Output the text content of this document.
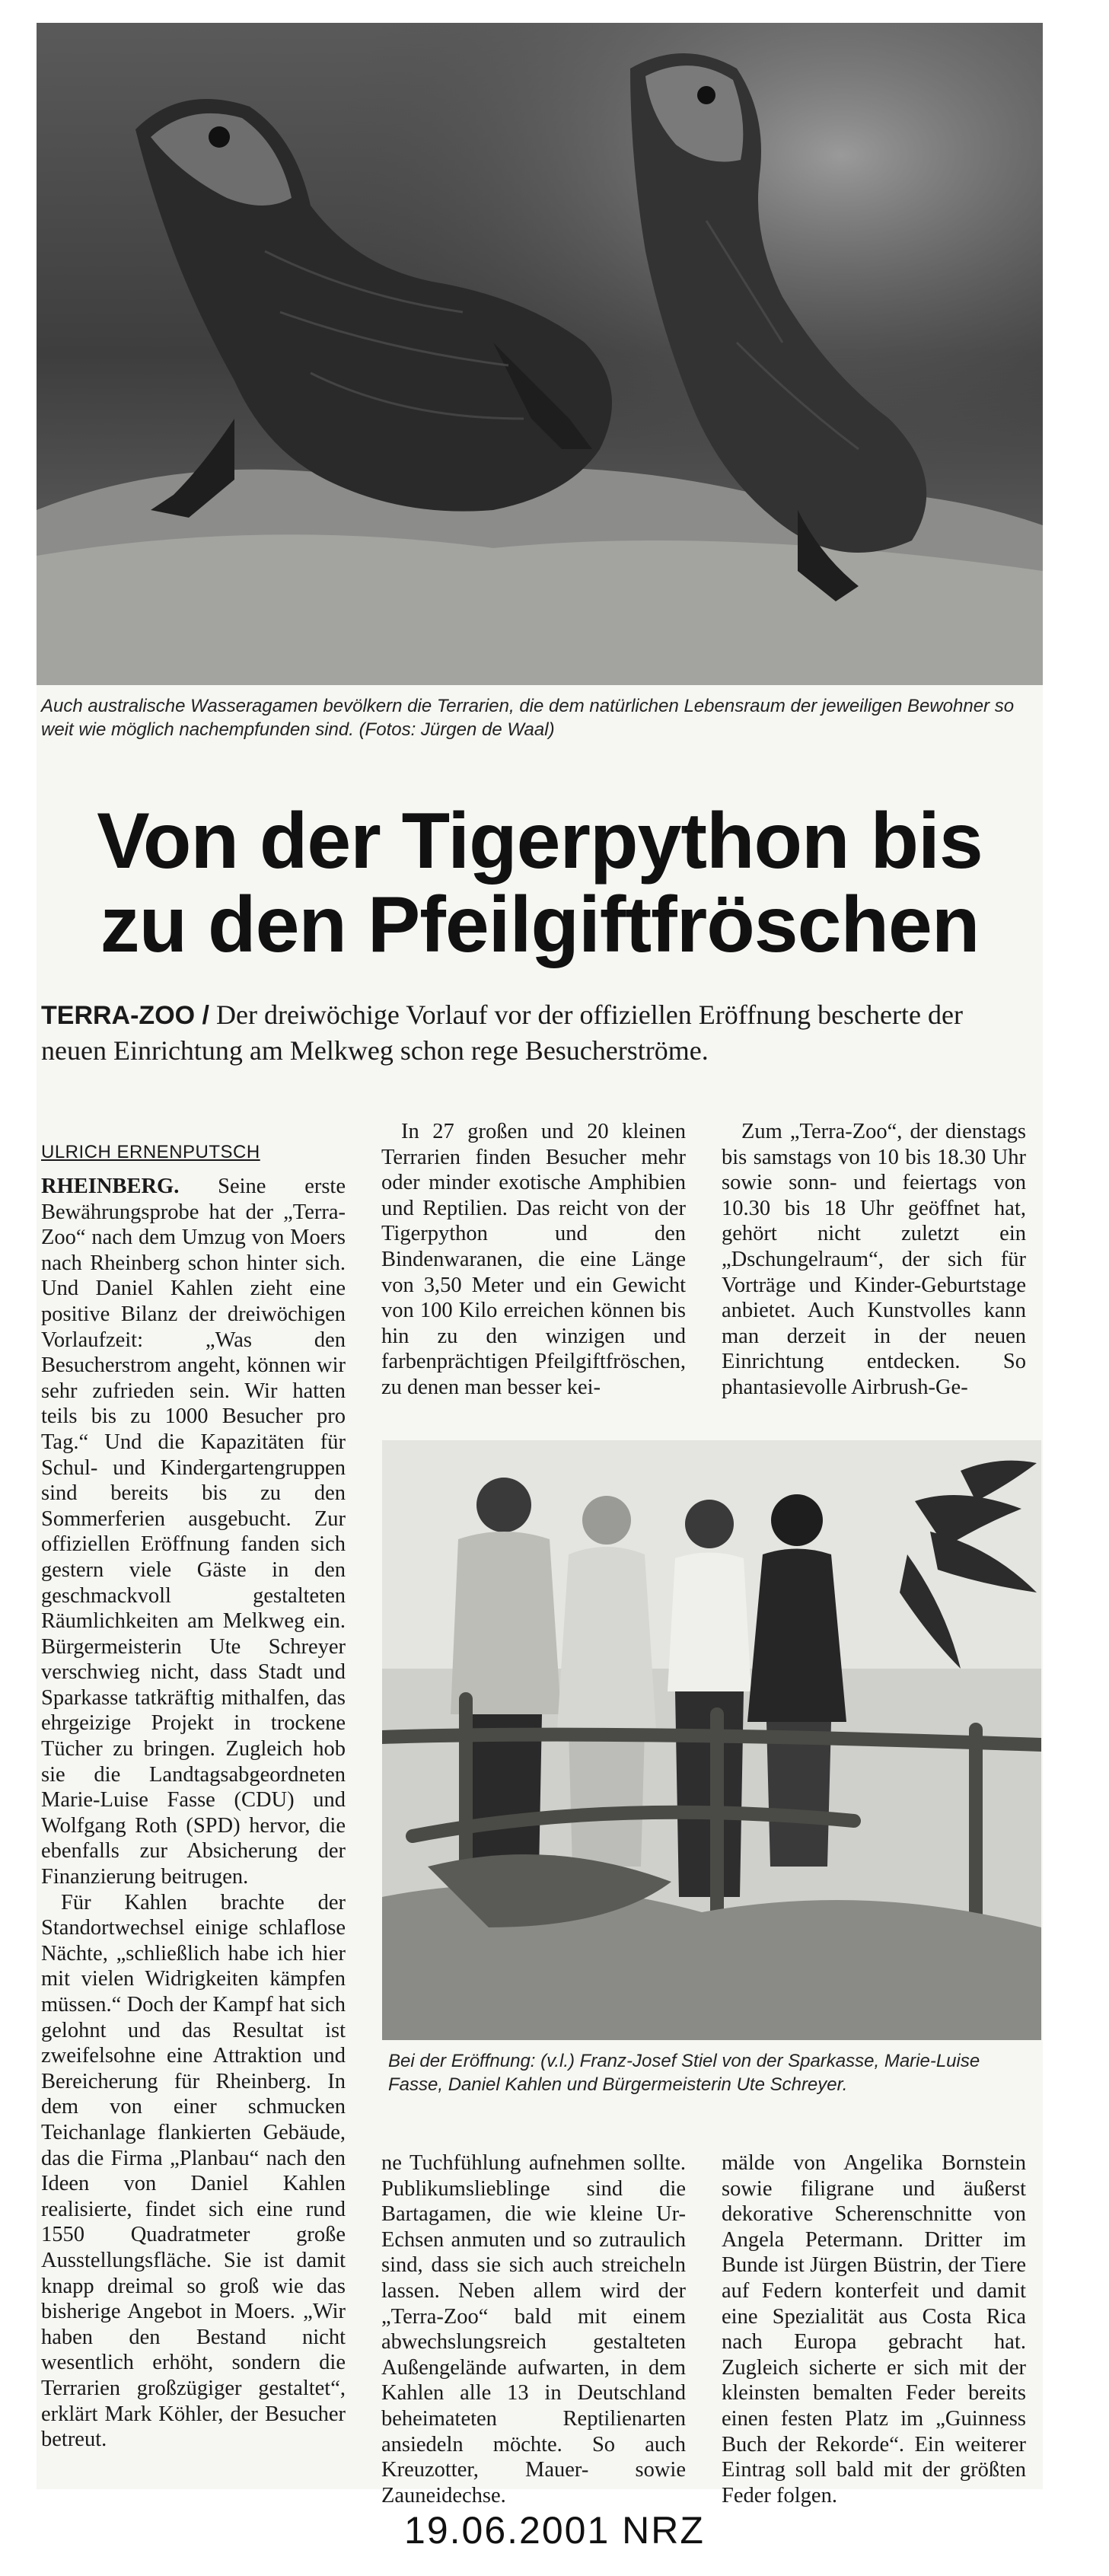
Auch australische Wasseragamen bevölkern die Terrarien, die dem natürlichen Lebensraum der jeweiligen Bewohner so weit wie möglich nachempfunden sind. (Fotos: Jürgen de Waal)
Von der Tigerpython bis
zu den Pfeilgiftfröschen
TERRA-ZOO / Der dreiwöchige Vorlauf vor der offiziellen Eröffnung bescherte der neuen Einrichtung am Melkweg schon rege Besucherströme.
ULRICH ERNENPUTSCH

RHEINBERG. Seine erste Bewährungsprobe hat der „Terra-Zoo“ nach dem Umzug von Moers nach Rheinberg schon hinter sich. Und Daniel Kahlen zieht eine positive Bilanz der dreiwöchigen Vorlaufzeit: „Was den Besucherstrom angeht, können wir sehr zufrieden sein. Wir hatten teils bis zu 1000 Besucher pro Tag.“ Und die Kapazitäten für Schul- und Kindergartengruppen sind bereits bis zu den Sommerferien ausgebucht. Zur offiziellen Eröffnung fanden sich gestern viele Gäste in den geschmackvoll gestalteten Räumlichkeiten am Melkweg ein. Bürgermeisterin Ute Schreyer verschwieg nicht, dass Stadt und Sparkasse tatkräftig mithalfen, das ehrgeizige Projekt in trockene Tücher zu bringen. Zugleich hob sie die Landtagsabgeordneten Marie-Luise Fasse (CDU) und Wolfgang Roth (SPD) hervor, die ebenfalls zur Absicherung der Finanzierung beitrugen.

Für Kahlen brachte der Standortwechsel einige schlaflose Nächte, „schließlich habe ich hier mit vielen Widrigkeiten kämpfen müssen.“ Doch der Kampf hat sich gelohnt und das Resultat ist zweifelsohne eine Attraktion und Bereicherung für Rheinberg. In dem von einer schmucken Teichanlage flankierten Gebäude, das die Firma „Planbau“ nach den Ideen von Daniel Kahlen realisierte, findet sich eine rund 1550 Quadratmeter große Ausstellungsfläche. Sie ist damit knapp dreimal so groß wie das bisherige Angebot in Moers. „Wir haben den Bestand nicht wesentlich erhöht, sondern die Terrarien großzügiger gestaltet“, erklärt Mark Köhler, der Besucher betreut.

In 27 großen und 20 kleinen Terrarien finden Besucher mehr oder minder exotische Amphibien und Reptilien. Das reicht von der Tigerpython und den Bindenwaranen, die eine Länge von 3,50 Meter und ein Gewicht von 100 Kilo erreichen können bis hin zu den winzigen und farbenprächtigen Pfeilgiftfröschen, zu denen man besser kei-

Zum „Terra-Zoo“, der dienstags bis samstags von 10 bis 18.30 Uhr sowie sonn- und feiertags von 10.30 bis 18 Uhr geöffnet hat, gehört nicht zuletzt ein „Dschungelraum“, der sich für Vorträge und Kinder-Geburtstage anbietet. Auch Kunstvolles kann man derzeit in der neuen Einrichtung entdecken. So phantasievolle Airbrush-Ge-

Bei der Eröffnung: (v.l.) Franz-Josef Stiel von der Sparkasse, Marie-Luise Fasse, Daniel Kahlen und Bürgermeisterin Ute Schreyer.

ne Tuchfühlung aufnehmen sollte. Publikumslieblinge sind die Bartagamen, die wie kleine Ur-Echsen anmuten und so zutraulich sind, dass sie sich auch streicheln lassen. Neben allem wird der „Terra-Zoo“ bald mit einem abwechslungsreich gestalteten Außengelände aufwarten, in dem Kahlen alle 13 in Deutschland beheimateten Reptilienarten ansiedeln möchte. So auch Kreuzotter, Mauer- sowie Zauneidechse.

mälde von Angelika Bornstein sowie filigrane und äußerst dekorative Scherenschnitte von Angela Petermann. Dritter im Bunde ist Jürgen Büstrin, der Tiere auf Federn konterfeit und damit eine Spezialität aus Costa Rica nach Europa gebracht hat. Zugleich sicherte er sich mit der kleinsten bemalten Feder bereits einen festen Platz im „Guinness Buch der Rekorde“. Ein weiterer Eintrag soll bald mit der größten Feder folgen.

19.06.2001 NRZ
